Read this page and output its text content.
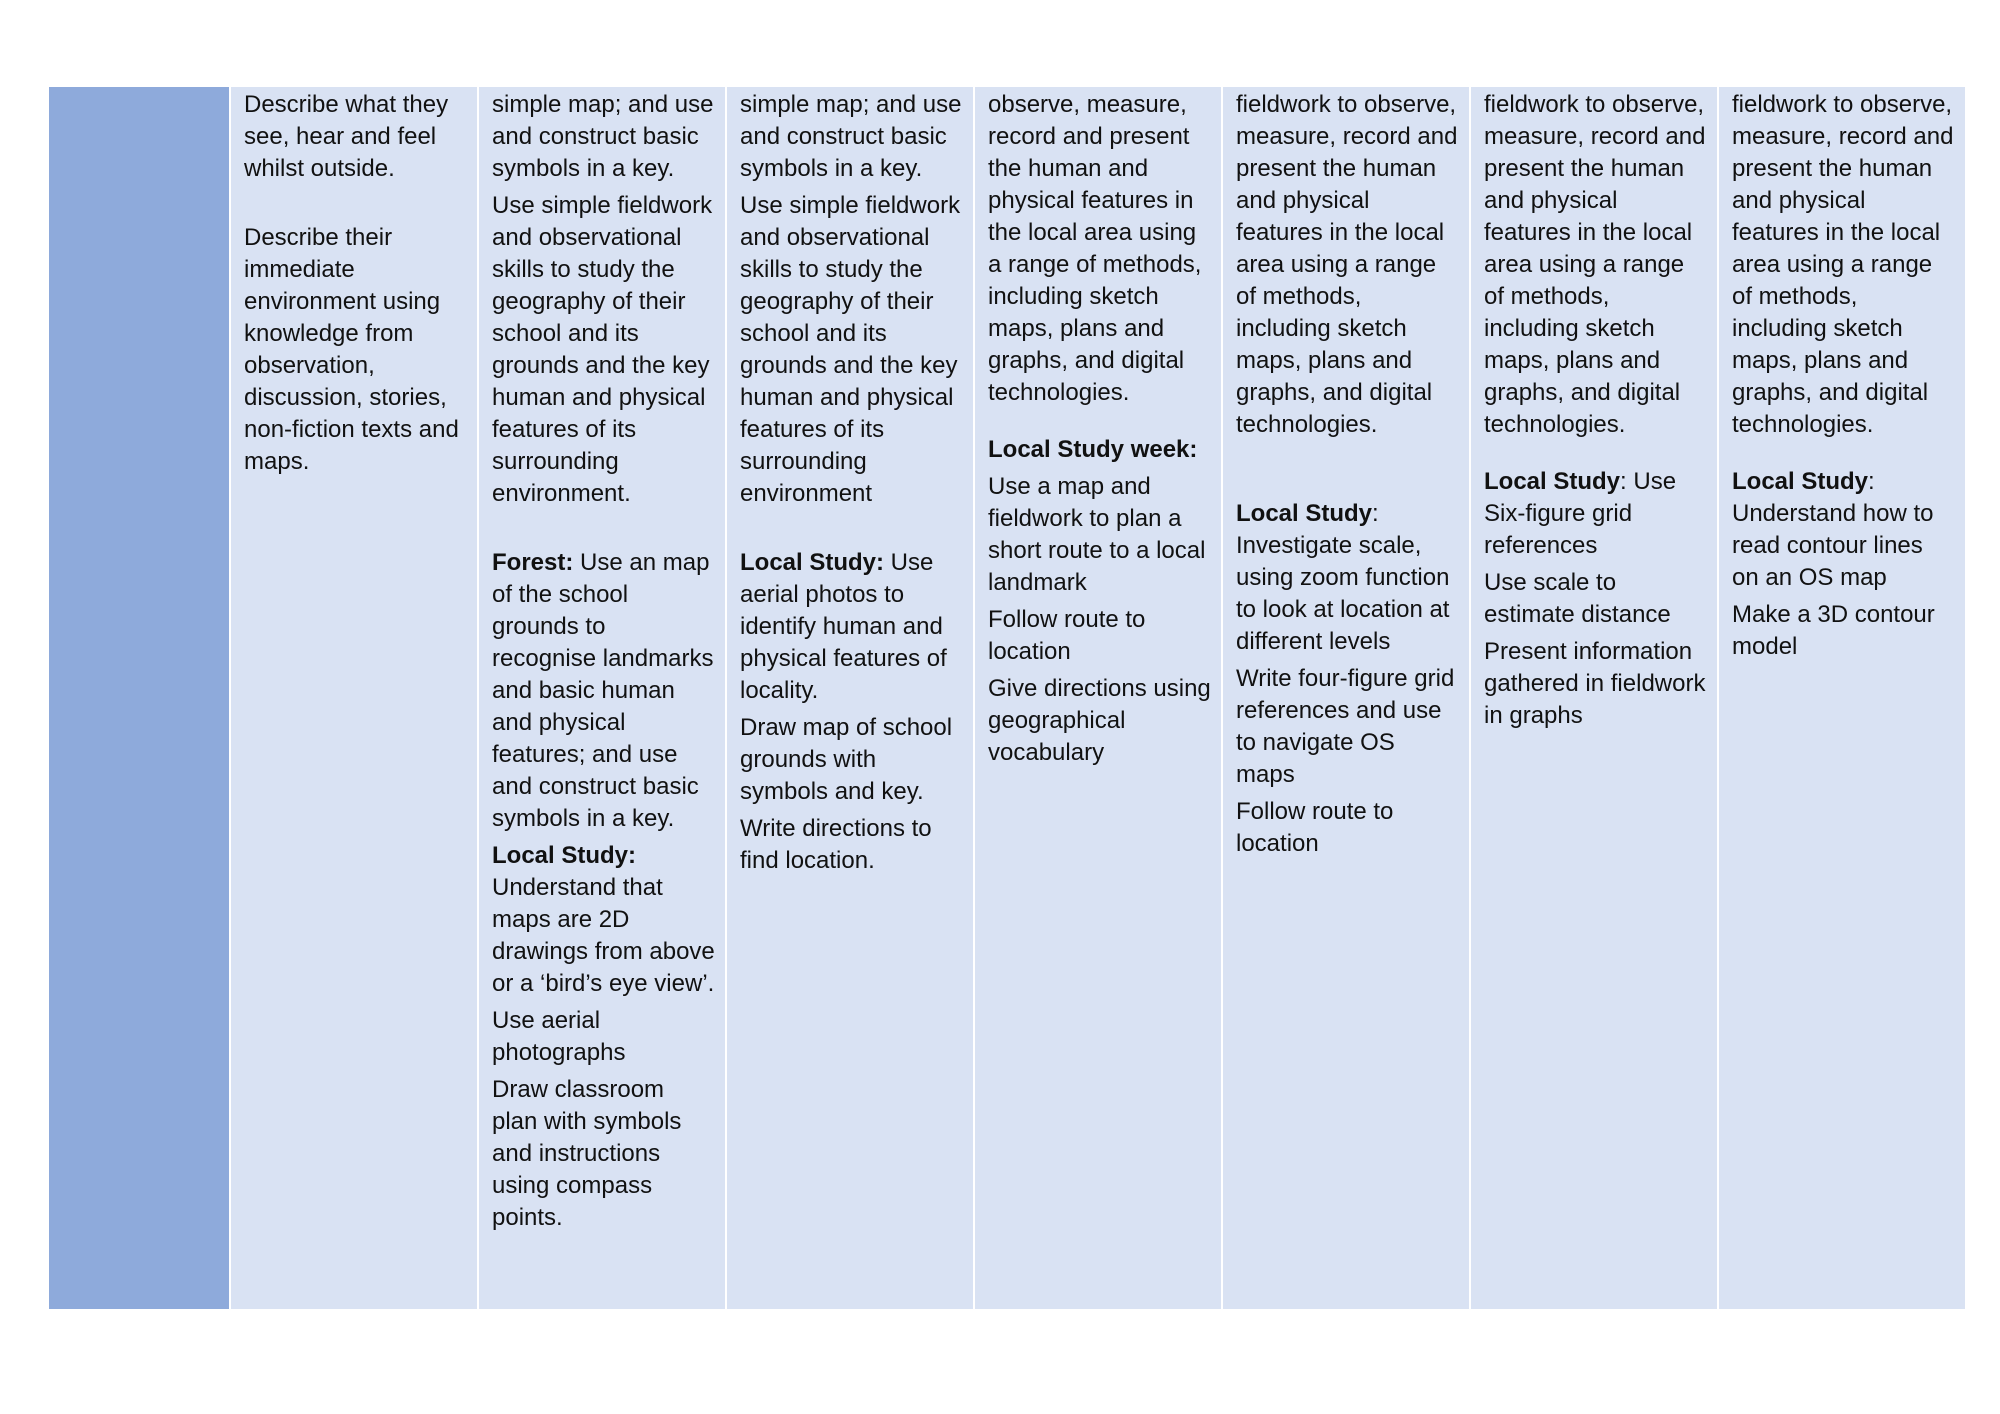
Describe what they see, hear and feel whilst outside.

Describe their immediate environment using knowledge from observation, discussion, stories, non-fiction texts and maps.

simple map; and use and construct basic symbols in a key.

Use simple fieldwork and observational skills to study the geography of their school and its grounds and the key human and physical features of its surrounding environment.

Forest: Use an map of the school grounds to recognise landmarks and basic human and physical features; and use and construct basic symbols in a key.

Local Study:

Understand that maps are 2D drawings from above or a ‘bird’s eye view’.

Use aerial photographs

Draw classroom plan with symbols and instructions using compass points.

simple map; and use and construct basic symbols in a key.

Use simple fieldwork and observational skills to study the geography of their school and its grounds and the key human and physical features of its surrounding environment

Local Study: Use aerial photos to identify human and physical features of locality.

Draw map of school grounds with symbols and key.

Write directions to find location.

observe, measure, record and present the human and physical features in the local area using a range of methods, including sketch maps, plans and graphs, and digital technologies.

Local Study week:

Use a map and fieldwork to plan a short route to a local landmark

Follow route to location

Give directions using geographical vocabulary

fieldwork to observe, measure, record and present the human and physical features in the local area using a range of methods, including sketch maps, plans and graphs, and digital technologies.

Local Study:

Investigate scale, using zoom function to look at location at different levels

Write four-figure grid references and use to navigate OS maps

Follow route to location

fieldwork to observe, measure, record and present the human and physical features in the local area using a range of methods, including sketch maps, plans and graphs, and digital technologies.

Local Study: Use Six-figure grid references

Use scale to estimate distance

Present information gathered in fieldwork in graphs

fieldwork to observe, measure, record and present the human and physical features in the local area using a range of methods, including sketch maps, plans and graphs, and digital technologies.

Local Study:

Understand how to read contour lines on an OS map

Make a 3D contour model
